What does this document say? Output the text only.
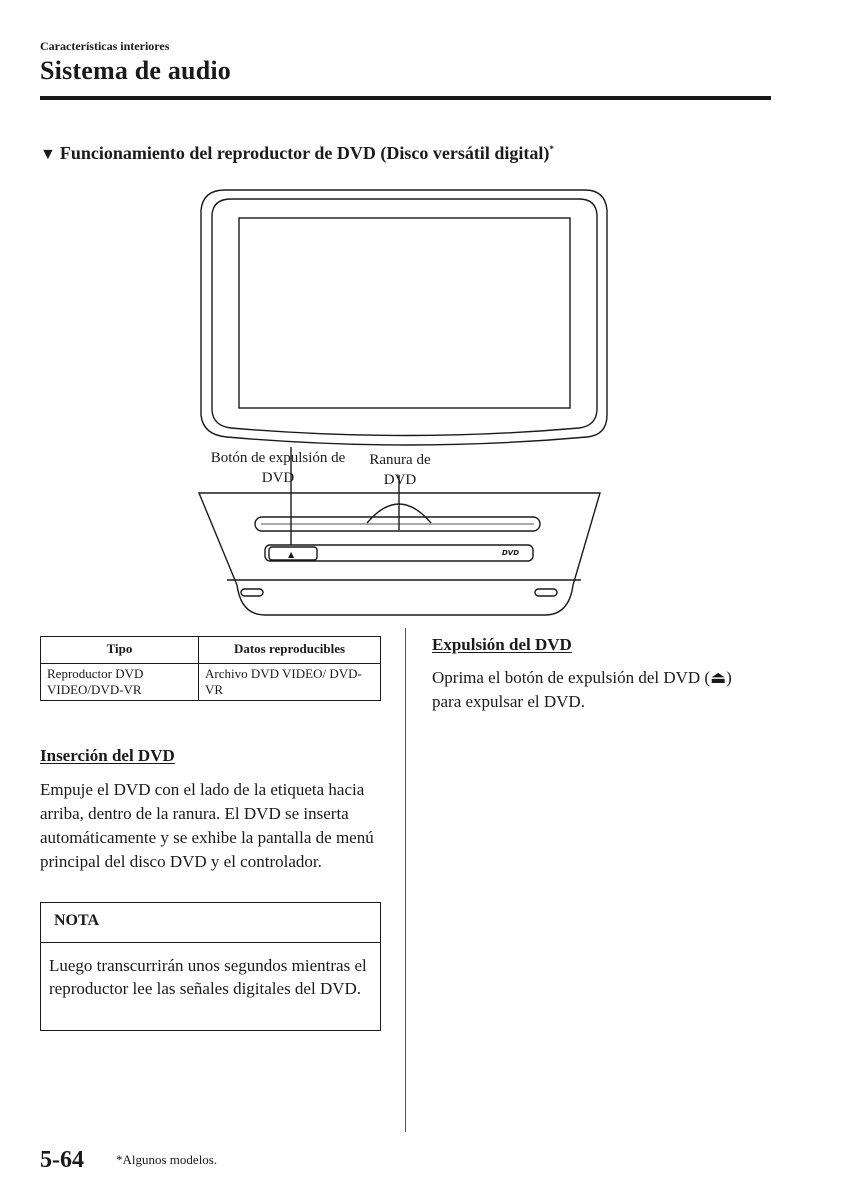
Características interiores
Sistema de audio
▼ Funcionamiento del reproductor de DVD (Disco versátil digital)*
▲	DVD
Botón de expulsión de DVD
Ranura de DVD
Tipo	Datos reproducibles
Reproductor DVD VIDEO/DVD-VR	Archivo DVD VIDEO/ DVD-VR
Inserción del DVD
Empuje el DVD con el lado de la etiqueta hacia arriba, dentro de la ranura. El DVD se inserta automáticamente y se exhibe la pantalla de menú principal del disco DVD y el controlador.
NOTA
Luego transcurrirán unos segundos mientras el reproductor lee las señales digitales del DVD.
Expulsión del DVD
Oprima el botón de expulsión del DVD (⏏) para expulsar el DVD.
5-64 *Algunos modelos.
